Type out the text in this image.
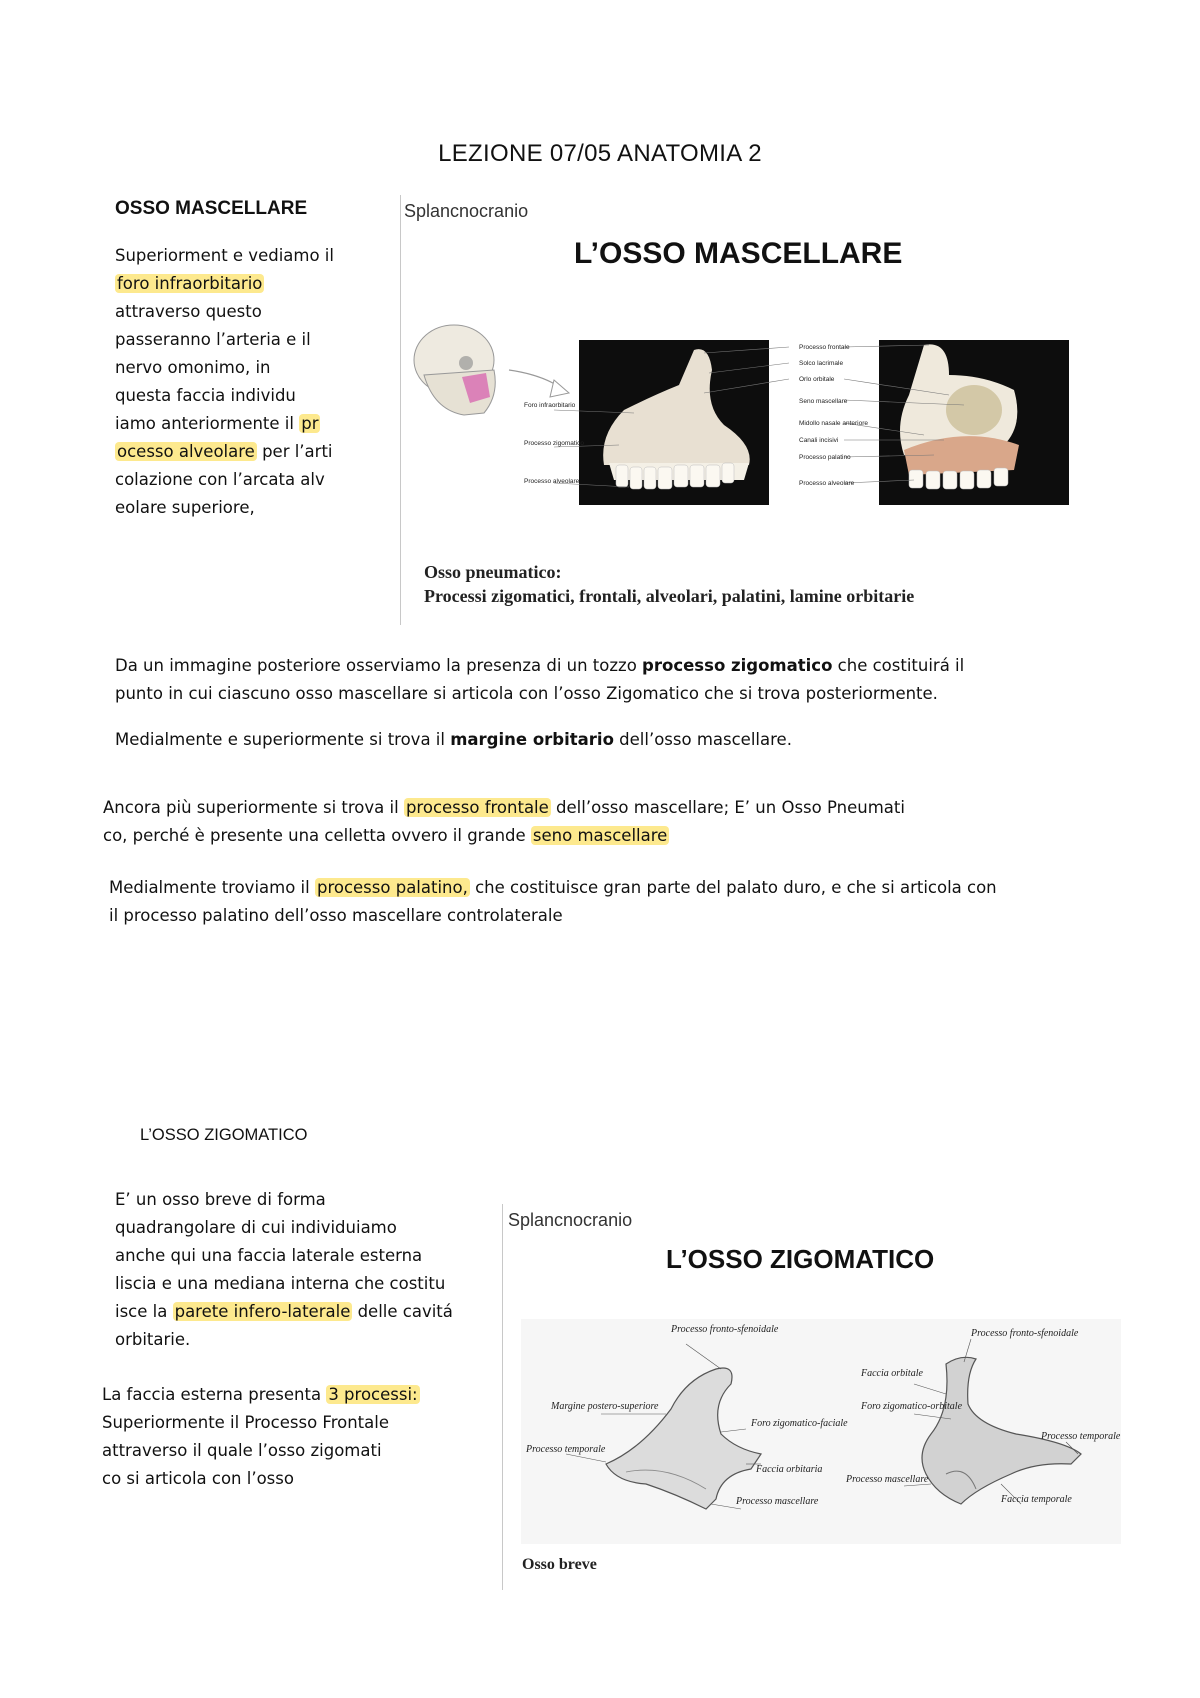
LEZIONE 07/05 ANATOMIA 2
OSSO MASCELLARE
Superiorment e vediamo il
foro infraorbitario
attraverso questo
passeranno l’arteria e il
nervo omonimo, in
questa faccia individu
iamo anteriormente il pr
ocesso alveolare per l’arti
colazione con l’arcata alv
eolare superiore,
Splancnocranio
L’OSSO MASCELLARE
Foro infraorbitario
Processo zigomatico
Processo alveolare
Processo frontale
Solco lacrimale
Orlo orbitale
Seno mascellare
Midollo nasale anteriore
Canali incisivi
Processo palatino
Processo alveolare
Osso pneumatico:
Processi zigomatici, frontali, alveolari, palatini, lamine orbitarie
Da un immagine posteriore osserviamo la presenza di un tozzo processo zigomatico che costituirá il
punto in cui ciascuno osso mascellare si articola con l’osso Zigomatico che si trova posteriormente.
Medialmente e superiormente si trova il margine orbitario dell’osso mascellare.
Ancora più superiormente si trova il processo frontale dell’osso mascellare; E’ un Osso Pneumati
co, perché è presente una celletta ovvero il grande seno mascellare
Medialmente troviamo il processo palatino, che costituisce gran parte del palato duro, e che si articola con
il processo palatino dell’osso mascellare controlaterale
L’OSSO ZIGOMATICO
E’ un osso breve di forma
quadrangolare di cui individuiamo
anche qui una faccia laterale esterna
liscia e una mediana interna che costitu
isce la parete infero-laterale delle cavitá
orbitarie.
La faccia esterna presenta 3 processi:
Superiormente il Processo Frontale
attraverso il quale l’osso zigomati
co si articola con l’osso
Splancnocranio
L’OSSO ZIGOMATICO
Processo fronto-sfenoidale
Margine postero-superiore
Foro zigomatico-faciale
Processo temporale
Faccia orbitaria
Processo mascellare
Processo fronto-sfenoidale
Faccia orbitale
Foro zigomatico-orbitale
Processo temporale
Processo mascellare
Faccia temporale
Osso breve
